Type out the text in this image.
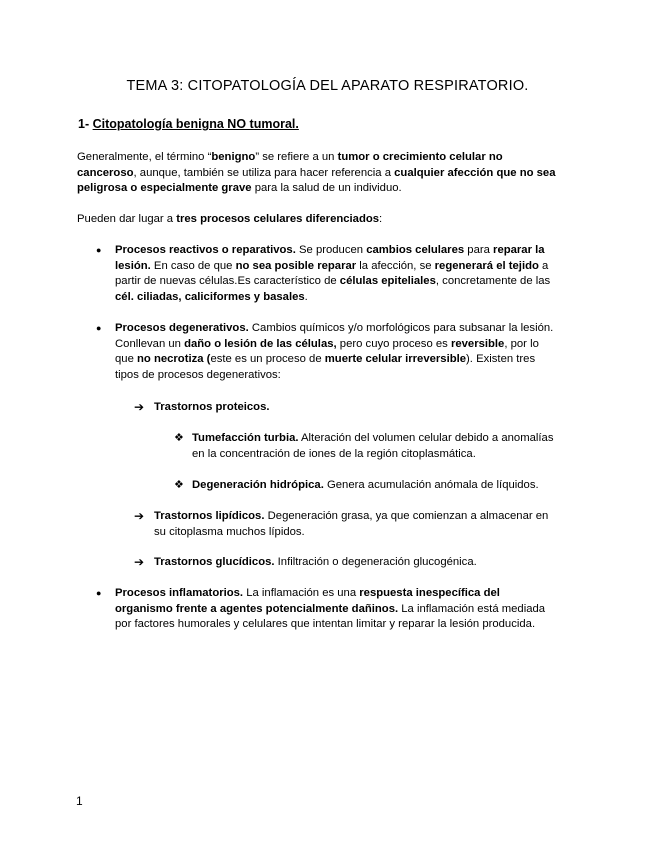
TEMA 3: CITOPATOLOGÍA DEL APARATO RESPIRATORIO.
1- Citopatología benigna NO tumoral.

Generalmente, el término “benigno” se refiere a un tumor o crecimiento celular no
canceroso, aunque, también se utiliza para hacer referencia a cualquier afección que no sea
peligrosa o especialmente grave para la salud de un individuo.

Pueden dar lugar a tres procesos celulares diferenciados:

● Procesos reactivos o reparativos. Se producen cambios celulares para reparar la
lesión. En caso de que no sea posible reparar la afección, se regenerará el tejido a
partir de nuevas células.Es característico de células epiteliales, concretamente de las
cél. ciliadas, caliciformes y basales.

● Procesos degenerativos. Cambios químicos y/o morfológicos para subsanar la lesión.
Conllevan un daño o lesión de las células, pero cuyo proceso es reversible, por lo
que no necrotiza (este es un proceso de muerte celular irreversible). Existen tres
tipos de procesos degenerativos:

➔ Trastornos proteicos.

❖ Tumefacción turbia. Alteración del volumen celular debido a anomalías
en la concentración de iones de la región citoplasmática.

❖ Degeneración hidrópica. Genera acumulación anómala de líquidos.

➔ Trastornos lipídicos. Degeneración grasa, ya que comienzan a almacenar en
su citoplasma muchos lípidos.

➔ Trastornos glucídicos. Infiltración o degeneración glucogénica.

● Procesos inflamatorios. La inflamación es una respuesta inespecífica del
organismo frente a agentes potencialmente dañinos. La inflamación está mediada
por factores humorales y celulares que intentan limitar y reparar la lesión producida.

1
